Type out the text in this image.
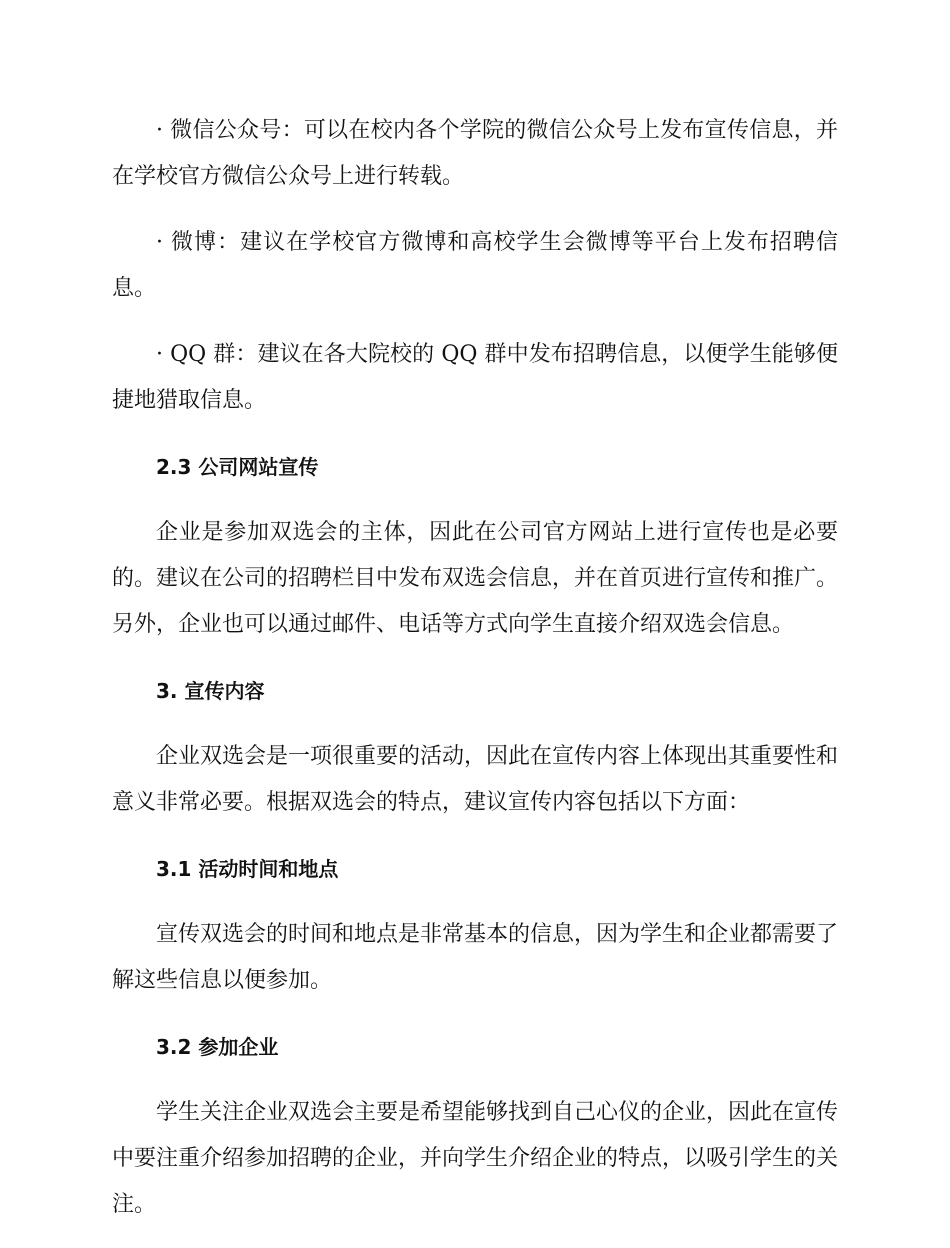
· 微信公众号：可以在校内各个学院的微信公众号上发布宣传信息，并在学校官方微信公众号上进行转载。

· 微博：建议在学校官方微博和高校学生会微博等平台上发布招聘信息。

· QQ 群：建议在各大院校的 QQ 群中发布招聘信息，以便学生能够便捷地猎取信息。

2.3 公司网站宣传

企业是参加双选会的主体，因此在公司官方网站上进行宣传也是必要的。建议在公司的招聘栏目中发布双选会信息，并在首页进行宣传和推广。另外，企业也可以通过邮件、电话等方式向学生直接介绍双选会信息。

3. 宣传内容

企业双选会是一项很重要的活动，因此在宣传内容上体现出其重要性和意义非常必要。根据双选会的特点，建议宣传内容包括以下方面：

3.1 活动时间和地点

宣传双选会的时间和地点是非常基本的信息，因为学生和企业都需要了解这些信息以便参加。

3.2 参加企业

学生关注企业双选会主要是希望能够找到自己心仪的企业，因此在宣传中要注重介绍参加招聘的企业，并向学生介绍企业的特点，以吸引学生的关注。
